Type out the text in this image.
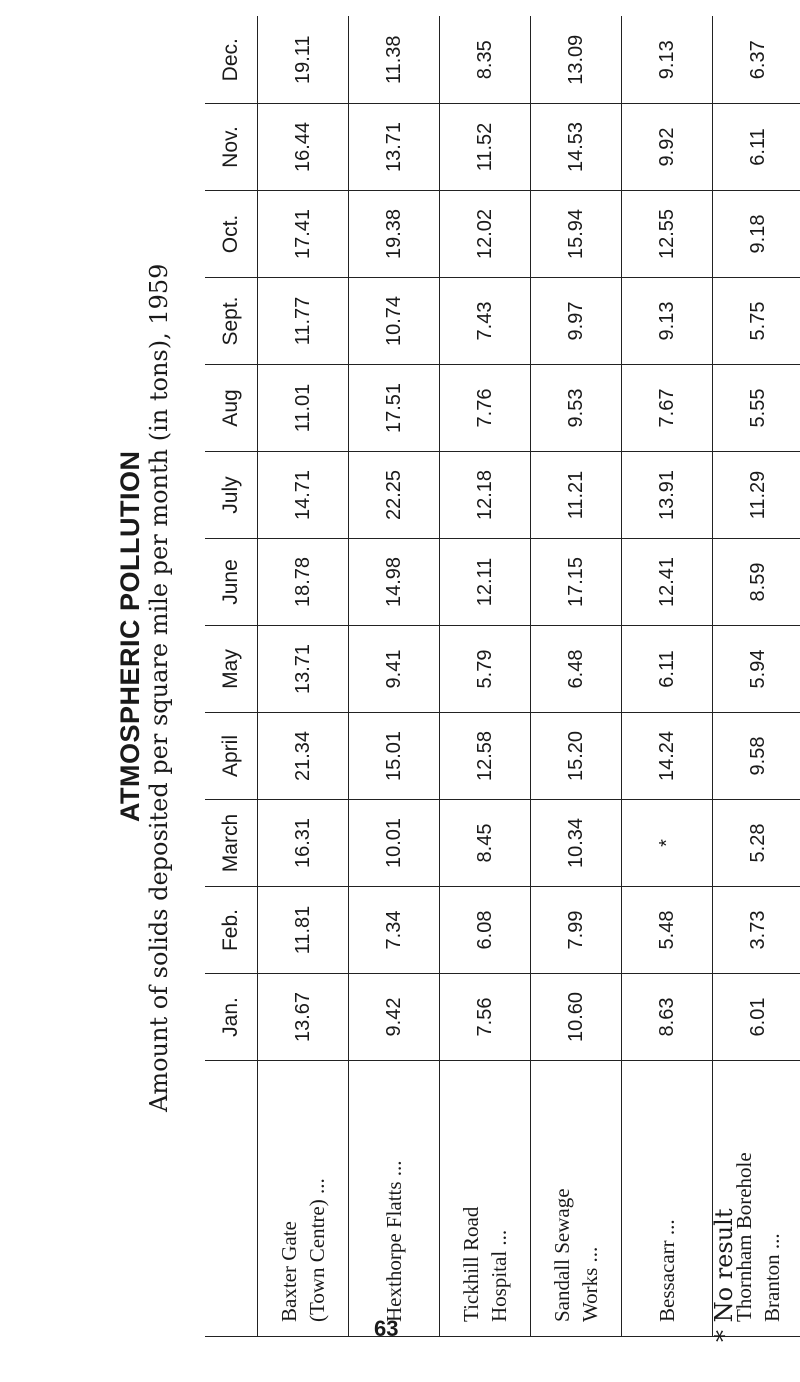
ATMOSPHERIC POLLUTION Amount of solids deposited per square mile per month (in tons), 1959
	Jan.	Feb.	March	April	May	June	July	Aug	Sept.	Oct.	Nov.	Dec.

Baxter Gate (Town Centre) ...	13.67	11.81	16.31	21.34	13.71	18.78	14.71	11.01	11.77	17.41	16.44	19.11

Hexthorpe Flatts ...	9.42	7.34	10.01	15.01	9.41	14.98	22.25	17.51	10.74	19.38	13.71	11.38

Tickhill Road Hospital ...	7.56	6.08	8.45	12.58	5.79	12.11	12.18	7.76	7.43	12.02	11.52	8.35

Sandall Sewage Works ...	10.60	7.99	10.34	15.20	6.48	17.15	11.21	9.53	9.97	15.94	14.53	13.09

Bessacarr ...	8.63	5.48	*	14.24	6.11	12.41	13.91	7.67	9.13	12.55	9.92	9.13

Thornham Borehole Branton ...	6.01	3.73	5.28	9.58	5.94	8.59	11.29	5.55	5.75	9.18	6.11	6.37
* No result
63
